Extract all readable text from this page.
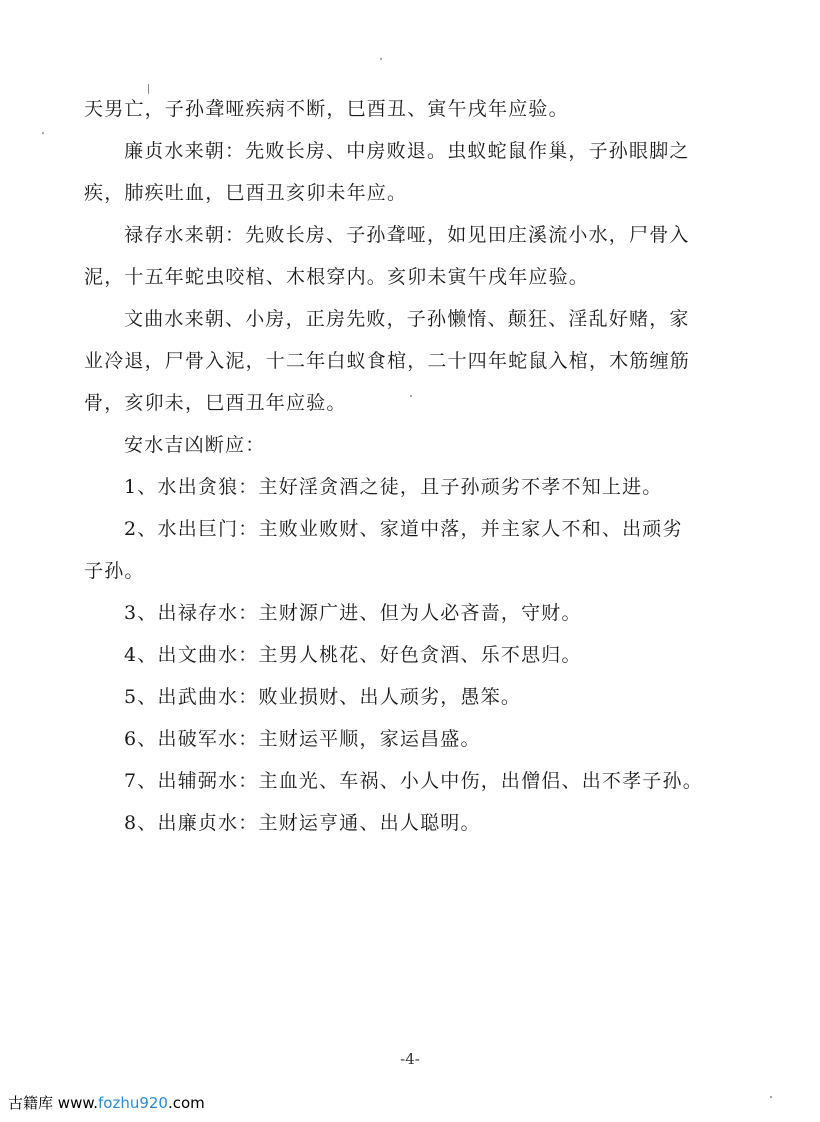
天男亡，子孙聋哑疾病不断，巳酉丑、寅午戌年应验。
廉贞水来朝：先败长房、中房败退。虫蚁蛇鼠作巢，子孙眼脚之
疾，肺疾吐血，巳酉丑亥卯未年应。
禄存水来朝：先败长房、子孙聋哑，如见田庄溪流小水，尸骨入
泥，十五年蛇虫咬棺、木根穿内。亥卯未寅午戌年应验。
文曲水来朝、小房，正房先败，子孙懒惰、颠狂、淫乱好赌，家
业冷退，尸骨入泥，十二年白蚁食棺，二十四年蛇鼠入棺，木筋缠筋
骨，亥卯未，巳酉丑年应验。
安水吉凶断应：
1、水出贪狼：主好淫贪酒之徒，且子孙顽劣不孝不知上进。
2、水出巨门：主败业败财、家道中落，并主家人不和、出顽劣
子孙。
3、出禄存水：主财源广进、但为人必吝啬，守财。
4、出文曲水：主男人桃花、好色贪酒、乐不思归。
5、出武曲水：败业损财、出人顽劣，愚笨。
6、出破军水：主财运平顺，家运昌盛。
7、出辅弼水：主血光、车祸、小人中伤，出僧侣、出不孝子孙。
8、出廉贞水：主财运亨通、出人聪明。
-4-
古籍库 www.fozhu920.com
